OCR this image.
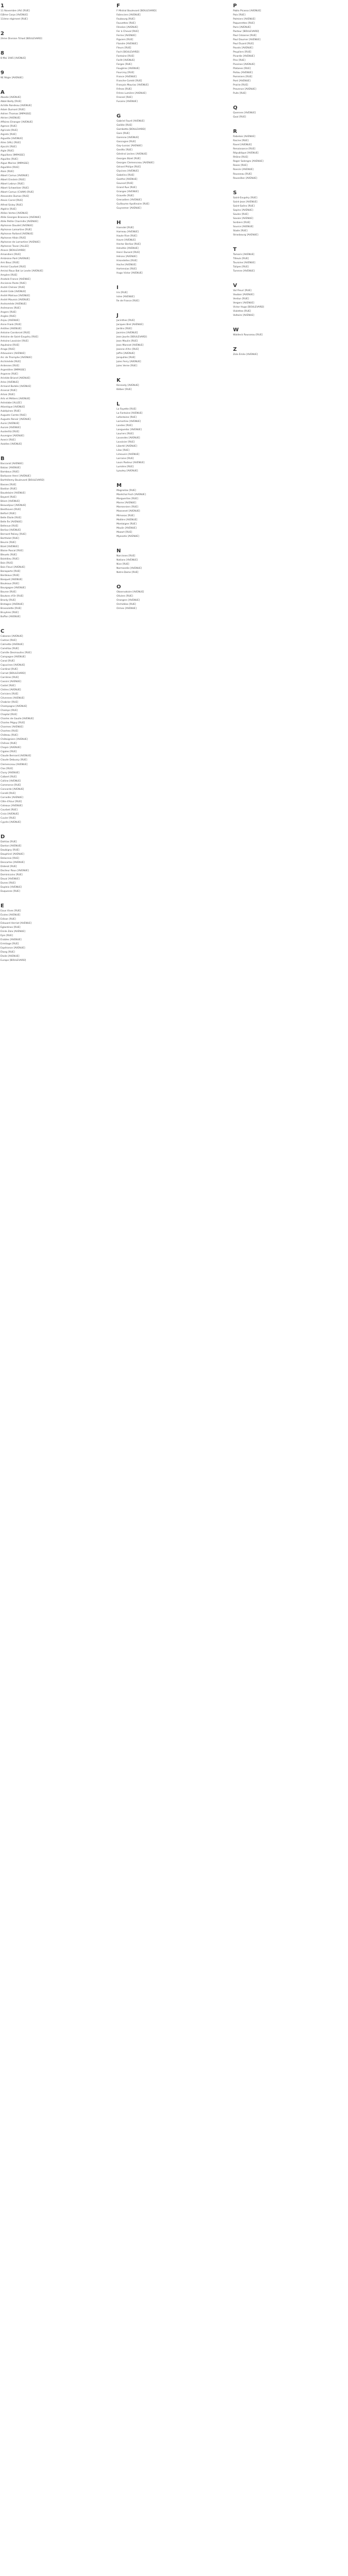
1
11 Novembre (AV) [RUE]
I1Bme Corps [AVENUE]
11ème régiment [RUE]
2
2ème Division Tchad [BOULEVARD]
8
8 Mai 1945 [AVENUE]
9
9E Régie [AVENUE]
A
Abadie [AVENUE]
Abbé Bailly [RUE]
Achille Rondeau [AVENUE]
Adam Dumont [RUE]
Adrien Thomas [IMPASSE]
Aérien [AVENUE]
Affaires Etranger [AVENUE]
Agence [RUE]
Agricole [RUE]
Aigrets [RUE]
Aiguette [AVENUE]
Ailes (VAL) [RUE]
Ajacchi [RUE]
Aigle [RUE]
Aiguillons [IMPASSE]
Aiguilles [RUE]
Aigue Marine [IMPASSE]
Aiguillère [RUE]
Alain [RUE]
Albert Camus [AVENUE]
Albert Einstein [RUE]
Albert Lebrun [RUE]
Albert Schweitzer [RUE]
Albert Camus (CHAM) [RUE]
Alexandre Dumas [RUE]
Alexis Carrel [RUE]
Alfred Sisley [RUE]
Algérie [RUE]
Allées Vertes [AVENUE]
Allée Georges Brassens [AVENUE]
Allée Petite Charmille [AVENUE]
Alphonse Daudet [AVENUE]
Alphonse Lamartine [RUE]
Alphonse Rolland [AVENUE]
Alphonse Allais [RUE]
Alphonse de Lamartine [AVENUE]
Alphonse Tavan [ALLEE]
Alsace [BOULEVARD]
Amandiers [RUE]
Ambroise Paré [AVENUE]
Ami Bouc [RUE]
Amiral Courbet [RUE]
Amiral Roux Bat Le Levée [AVENUE]
Ampère [RUE]
Anatole France [AVENUE]
Ancienne Poste [RUE]
André Chénier [RUE]
André Gide [AVENUE]
André Malraux [AVENUE]
André Maurois [AVENUE]
Andromède [AVENUE]
Anémones [RUE]
Angers [RUE]
Angles [RUE]
Anjou [AVENUE]
Anne Frank [RUE]
Antilles [AVENUE]
Antoine Condorcet [RUE]
Antoine de Saint-Exupéry [RUE]
Antoine Lavoisier [RUE]
Aquitaine [RUE]
Arago [RUE]
Arbousiers [AVENUE]
Arc de Triomphe [AVENUE]
Archimède [RUE]
Ardennes [RUE]
Argentière [IMPASSE]
Argonne [RUE]
Aristide Briand [AVENUE]
Arles [AVENUE]
Armand Barbès [AVENUE]
Arsenal [RUE]
Artois [RUE]
Arts et Métiers [AVENUE]
Astrolabe [ALLEE]
Atlantique [AVENUE]
Aubépines [RUE]
Auguste Comte [RUE]
Auguste Renoir [AVENUE]
Aunis [AVENUE]
Aurore [AVENUE]
Austerlitz [RUE]
Auvergne [AVENUE]
Avenir [RUE]
Azalées [AVENUE]
B
Baccarat [AVENUE]
Balzac [AVENUE]
Bambous [RUE]
Barbusse Henri [AVENUE]
Barthélemy Boulevard [BOULEVARD]
Basses [RUE]
Bastion [RUE]
Baudelaire [AVENUE]
Bayard [RUE]
Béarn [AVENUE]
Beauséjour [AVENUE]
Beethoven [RUE]
Belfort [RUE]
Belle Étoile [RUE]
Belle Île [AVENUE]
Bellevue [RUE]
Berlioz [AVENUE]
Bernard Palissy [RUE]
Berthelot [RUE]
Beurre [RUE]
Bizet [AVENUE]
Blaise Pascal [RUE]
Bleuets [RUE]
Boieldieu [RUE]
Bois [RUE]
Bois Fleuri [AVENUE]
Bonaparte [RUE]
Bordeaux [RUE]
Bosquet [AVENUE]
Bouleaux [RUE]
Bourgogne [AVENUE]
Bourse [RUE]
Boutons d'Or [RUE]
Branly [RUE]
Bretagne [AVENUE]
Brossolette [RUE]
Bruyères [RUE]
Buffon [AVENUE]
C
Cabanes [AVENUE]
Cadran [RUE]
Calmette [AVENUE]
Camélias [RUE]
Camille Desmoulins [RUE]
Campagne [AVENUE]
Canal [RUE]
Capucines [AVENUE]
Cardinal [RUE]
Carnot [BOULEVARD]
Carrières [RUE]
Cassini [AVENUE]
Castel [RUE]
Cèdres [AVENUE]
Cerisiers [RUE]
Cévennes [AVENUE]
Chabrier [RUE]
Champagne [AVENUE]
Champs [RUE]
Chaptal [RUE]
Charles de Gaulle [AVENUE]
Charles Péguy [RUE]
Charmes [AVENUE]
Chartres [RUE]
Château [RUE]
Châtaigniers [AVENUE]
Chênes [RUE]
Chopin [AVENUE]
Cigales [RUE]
Claude Bernard [AVENUE]
Claude Debussy [RUE]
Clemenceau [AVENUE]
Clos [RUE]
Cluny [AVENUE]
Colbert [RUE]
Colline [AVENUE]
Commerce [RUE]
Concorde [AVENUE]
Condé [RUE]
Corneille [AVENUE]
Côte d'Azur [RUE]
Coteaux [AVENUE]
Courbet [RUE]
Croix [AVENUE]
Cuvier [RUE]
Cyprès [AVENUE]
D
Dahlias [RUE]
Danton [AVENUE]
Daubigny [RUE]
Dauphiné [AVENUE]
Delacroix [RUE]
Descartes [AVENUE]
Diderot [RUE]
Docteur Roux [AVENUE]
Dominicains [RUE]
Douai [AVENUE]
Dunes [RUE]
Dupleix [AVENUE]
Duquesne [RUE]
E
Eaux Vives [RUE]
Écoles [AVENUE]
Edison [RUE]
Édouard Herriot [AVENUE]
Églantines [RUE]
Émile Zola [AVENUE]
Épis [RUE]
Érables [AVENUE]
Ermitage [RUE]
Espérance [AVENUE]
Étang [RUE]
Étoile [AVENUE]
Europe [BOULEVARD]
F
F Mistral Boulevard [BOULEVARD]
Faïenciers [AVENUE]
Faubourg [RUE]
Fauvettes [RUE]
Fénelon [AVENUE]
Fer à Cheval [RUE]
Ferme [AVENUE]
Figuiers [RUE]
Flandre [AVENUE]
Fleurs [RUE]
Foch [BOULEVARD]
Fontaine [RUE]
Forêt [AVENUE]
Forges [RUE]
Fougères [AVENUE]
Fourcroy [RUE]
France [AVENUE]
Franche-Comté [RUE]
François Mauriac [AVENUE]
Frênes [RUE]
Frères Lumière [AVENUE]
Fresnel [RUE]
Fusains [AVENUE]
G
Gabriel Fauré [AVENUE]
Galilée [RUE]
Gambetta [BOULEVARD]
Gare [RUE]
Garenne [AVENUE]
Gascogne [RUE]
Gay-Lussac [AVENUE]
Genêts [RUE]
Général Leclerc [AVENUE]
Georges Bizet [RUE]
Georges Clemenceau [AVENUE]
Gérard Philipe [RUE]
Glycines [AVENUE]
Gobelins [RUE]
Goethe [AVENUE]
Gounod [RUE]
Grand Rue [RUE]
Granges [AVENUE]
Gravelle [RUE]
Grenadiers [AVENUE]
Guillaume Apollinaire [RUE]
Guynemer [AVENUE]
H
Haendel [RUE]
Hameau [AVENUE]
Haute Rive [RUE]
Havre [AVENUE]
Hector Berlioz [RUE]
Helvétie [AVENUE]
Henri Dunant [RUE]
Hérons [AVENUE]
Hirondelles [RUE]
Hoche [AVENUE]
Hortensias [RUE]
Hugo Victor [AVENUE]
I
Iris [RUE]
Isère [AVENUE]
Île de France [RUE]
J
Jacinthes [RUE]
Jacques Brel [AVENUE]
Jardins [RUE]
Jasmins [AVENUE]
Jean Jaurès [BOULEVARD]
Jean Moulin [RUE]
Jean Monnet [AVENUE]
Jeanne d'Arc [RUE]
Joffre [AVENUE]
Jonquilles [RUE]
Jules Ferry [AVENUE]
Jules Verne [RUE]
K
Kennedy [AVENUE]
Kléber [RUE]
L
La Fayette [RUE]
La Fontaine [AVENUE]
Lafontaine [RUE]
Lamartine [AVENUE]
Landes [RUE]
Languedoc [AVENUE]
Lauriers [RUE]
Lavandes [AVENUE]
Lavoisier [RUE]
Liberté [AVENUE]
Lilas [RUE]
Limousin [AVENUE]
Lorraine [RUE]
Louis Pasteur [AVENUE]
Lumière [RUE]
Lyautey [AVENUE]
M
Magnolias [RUE]
Maréchal Foch [AVENUE]
Marguerites [RUE]
Marne [AVENUE]
Marronniers [RUE]
Massenet [AVENUE]
Mimosas [RUE]
Molière [AVENUE]
Montaigne [RUE]
Moulin [AVENUE]
Mozart [RUE]
Myosotis [AVENUE]
N
Narcisses [RUE]
Nations [AVENUE]
Nice [RUE]
Normandie [AVENUE]
Notre-Dame [RUE]
O
Observatoire [AVENUE]
Oliviers [RUE]
Orangers [AVENUE]
Orchidées [RUE]
Ormes [AVENUE]
P
Pablo Picasso [AVENUE]
Paix [RUE]
Palmiers [AVENUE]
Paquerettes [RUE]
Paris [AVENUE]
Pasteur [BOULEVARD]
Paul Cézanne [RUE]
Paul Doumer [AVENUE]
Paul Éluard [RUE]
Pavots [AVENUE]
Peupliers [RUE]
Picardie [AVENUE]
Pins [RUE]
Pivoines [AVENUE]
Platanes [RUE]
Poitou [AVENUE]
Pommiers [RUE]
Pont [AVENUE]
Prairie [RUE]
Provence [AVENUE]
Puits [RUE]
Q
Quennes [AVENUE]
Quai [RUE]
R
Rabelais [AVENUE]
Racine [RUE]
Ravel [AVENUE]
Renaissance [RUE]
République [AVENUE]
Rhône [RUE]
Roger Salengro [AVENUE]
Roses [RUE]
Rossini [AVENUE]
Rousseau [RUE]
Roussillon [AVENUE]
S
Saint-Exupéry [RUE]
Saint-Jean [AVENUE]
Saint-Saëns [RUE]
Sapins [AVENUE]
Saules [RUE]
Savoie [AVENUE]
Sorbiers [RUE]
Source [AVENUE]
Stade [RUE]
Strasbourg [AVENUE]
T
Tamaris [AVENUE]
Tilleuls [RUE]
Touraine [AVENUE]
Tulipes [RUE]
Turenne [AVENUE]
V
Val Fleuri [RUE]
Vauban [AVENUE]
Verdun [RUE]
Vergers [AVENUE]
Victor Hugo [BOULEVARD]
Violettes [RUE]
Voltaire [AVENUE]
W
Waldeck Rousseau [RUE]
Z
Zola Émile [AVENUE]
